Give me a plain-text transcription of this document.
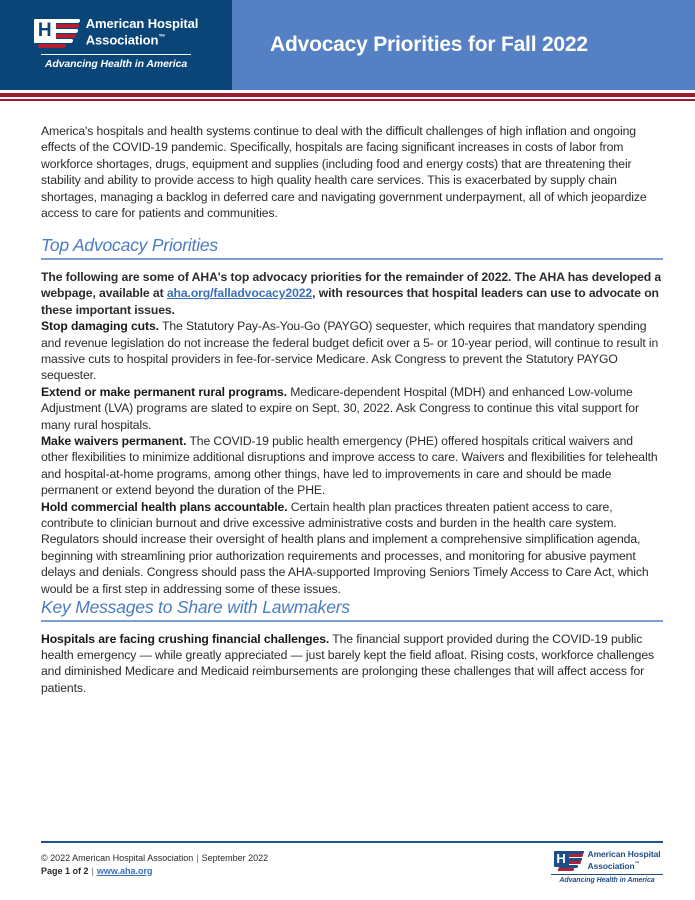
H	American Hospital
Association™
Advancing Health in America
Advocacy Priorities for Fall 2022

America's hospitals and health systems continue to deal with the difficult challenges of high inflation and ongoing effects of the COVID-19 pandemic. Specifically, hospitals are facing significant increases in costs of labor from workforce shortages, drugs, equipment and supplies (including food and energy costs) that are threatening their stability and ability to provide access to high quality health care services. This is exacerbated by supply chain shortages, managing a backlog in deferred care and navigating government underpayment, all of which jeopardize access to care for patients and communities.

Top Advocacy Priorities

The following are some of AHA's top advocacy priorities for the remainder of 2022. The AHA has developed a webpage, available at aha.org/falladvocacy2022, with resources that hospital leaders can use to advocate on these important issues.

Stop damaging cuts. The Statutory Pay-As-You-Go (PAYGO) sequester, which requires that mandatory spending and revenue legislation do not increase the federal budget deficit over a 5- or 10-year period, will continue to result in massive cuts to hospital providers in fee-for-service Medicare. Ask Congress to prevent the Statutory PAYGO sequester.

Extend or make permanent rural programs. Medicare-dependent Hospital (MDH) and enhanced Low-volume Adjustment (LVA) programs are slated to expire on Sept. 30, 2022. Ask Congress to continue this vital support for many rural hospitals.

Make waivers permanent. The COVID-19 public health emergency (PHE) offered hospitals critical waivers and other flexibilities to minimize additional disruptions and improve access to care. Waivers and flexibilities for telehealth and hospital-at-home programs, among other things, have led to improvements in care and should be made permanent or extend beyond the duration of the PHE.

Hold commercial health plans accountable. Certain health plan practices threaten patient access to care, contribute to clinician burnout and drive excessive administrative costs and burden in the health care system. Regulators should increase their oversight of health plans and implement a comprehensive simplification agenda, beginning with streamlining prior authorization requirements and processes, and monitoring for abusive payment delays and denials. Congress should pass the AHA-supported Improving Seniors Timely Access to Care Act, which would be a first step in addressing some of these issues.

Key Messages to Share with Lawmakers

Hospitals are facing crushing financial challenges. The financial support provided during the COVID-19 public health emergency — while greatly appreciated — just barely kept the field afloat. Rising costs, workforce challenges and diminished Medicare and Medicaid reimbursements are prolonging these challenges that will affect access for patients.

© 2022 American Hospital Association | September 2022
Page 1 of 2 | www.aha.org
H	American Hospital
Association™
Advancing Health in America
